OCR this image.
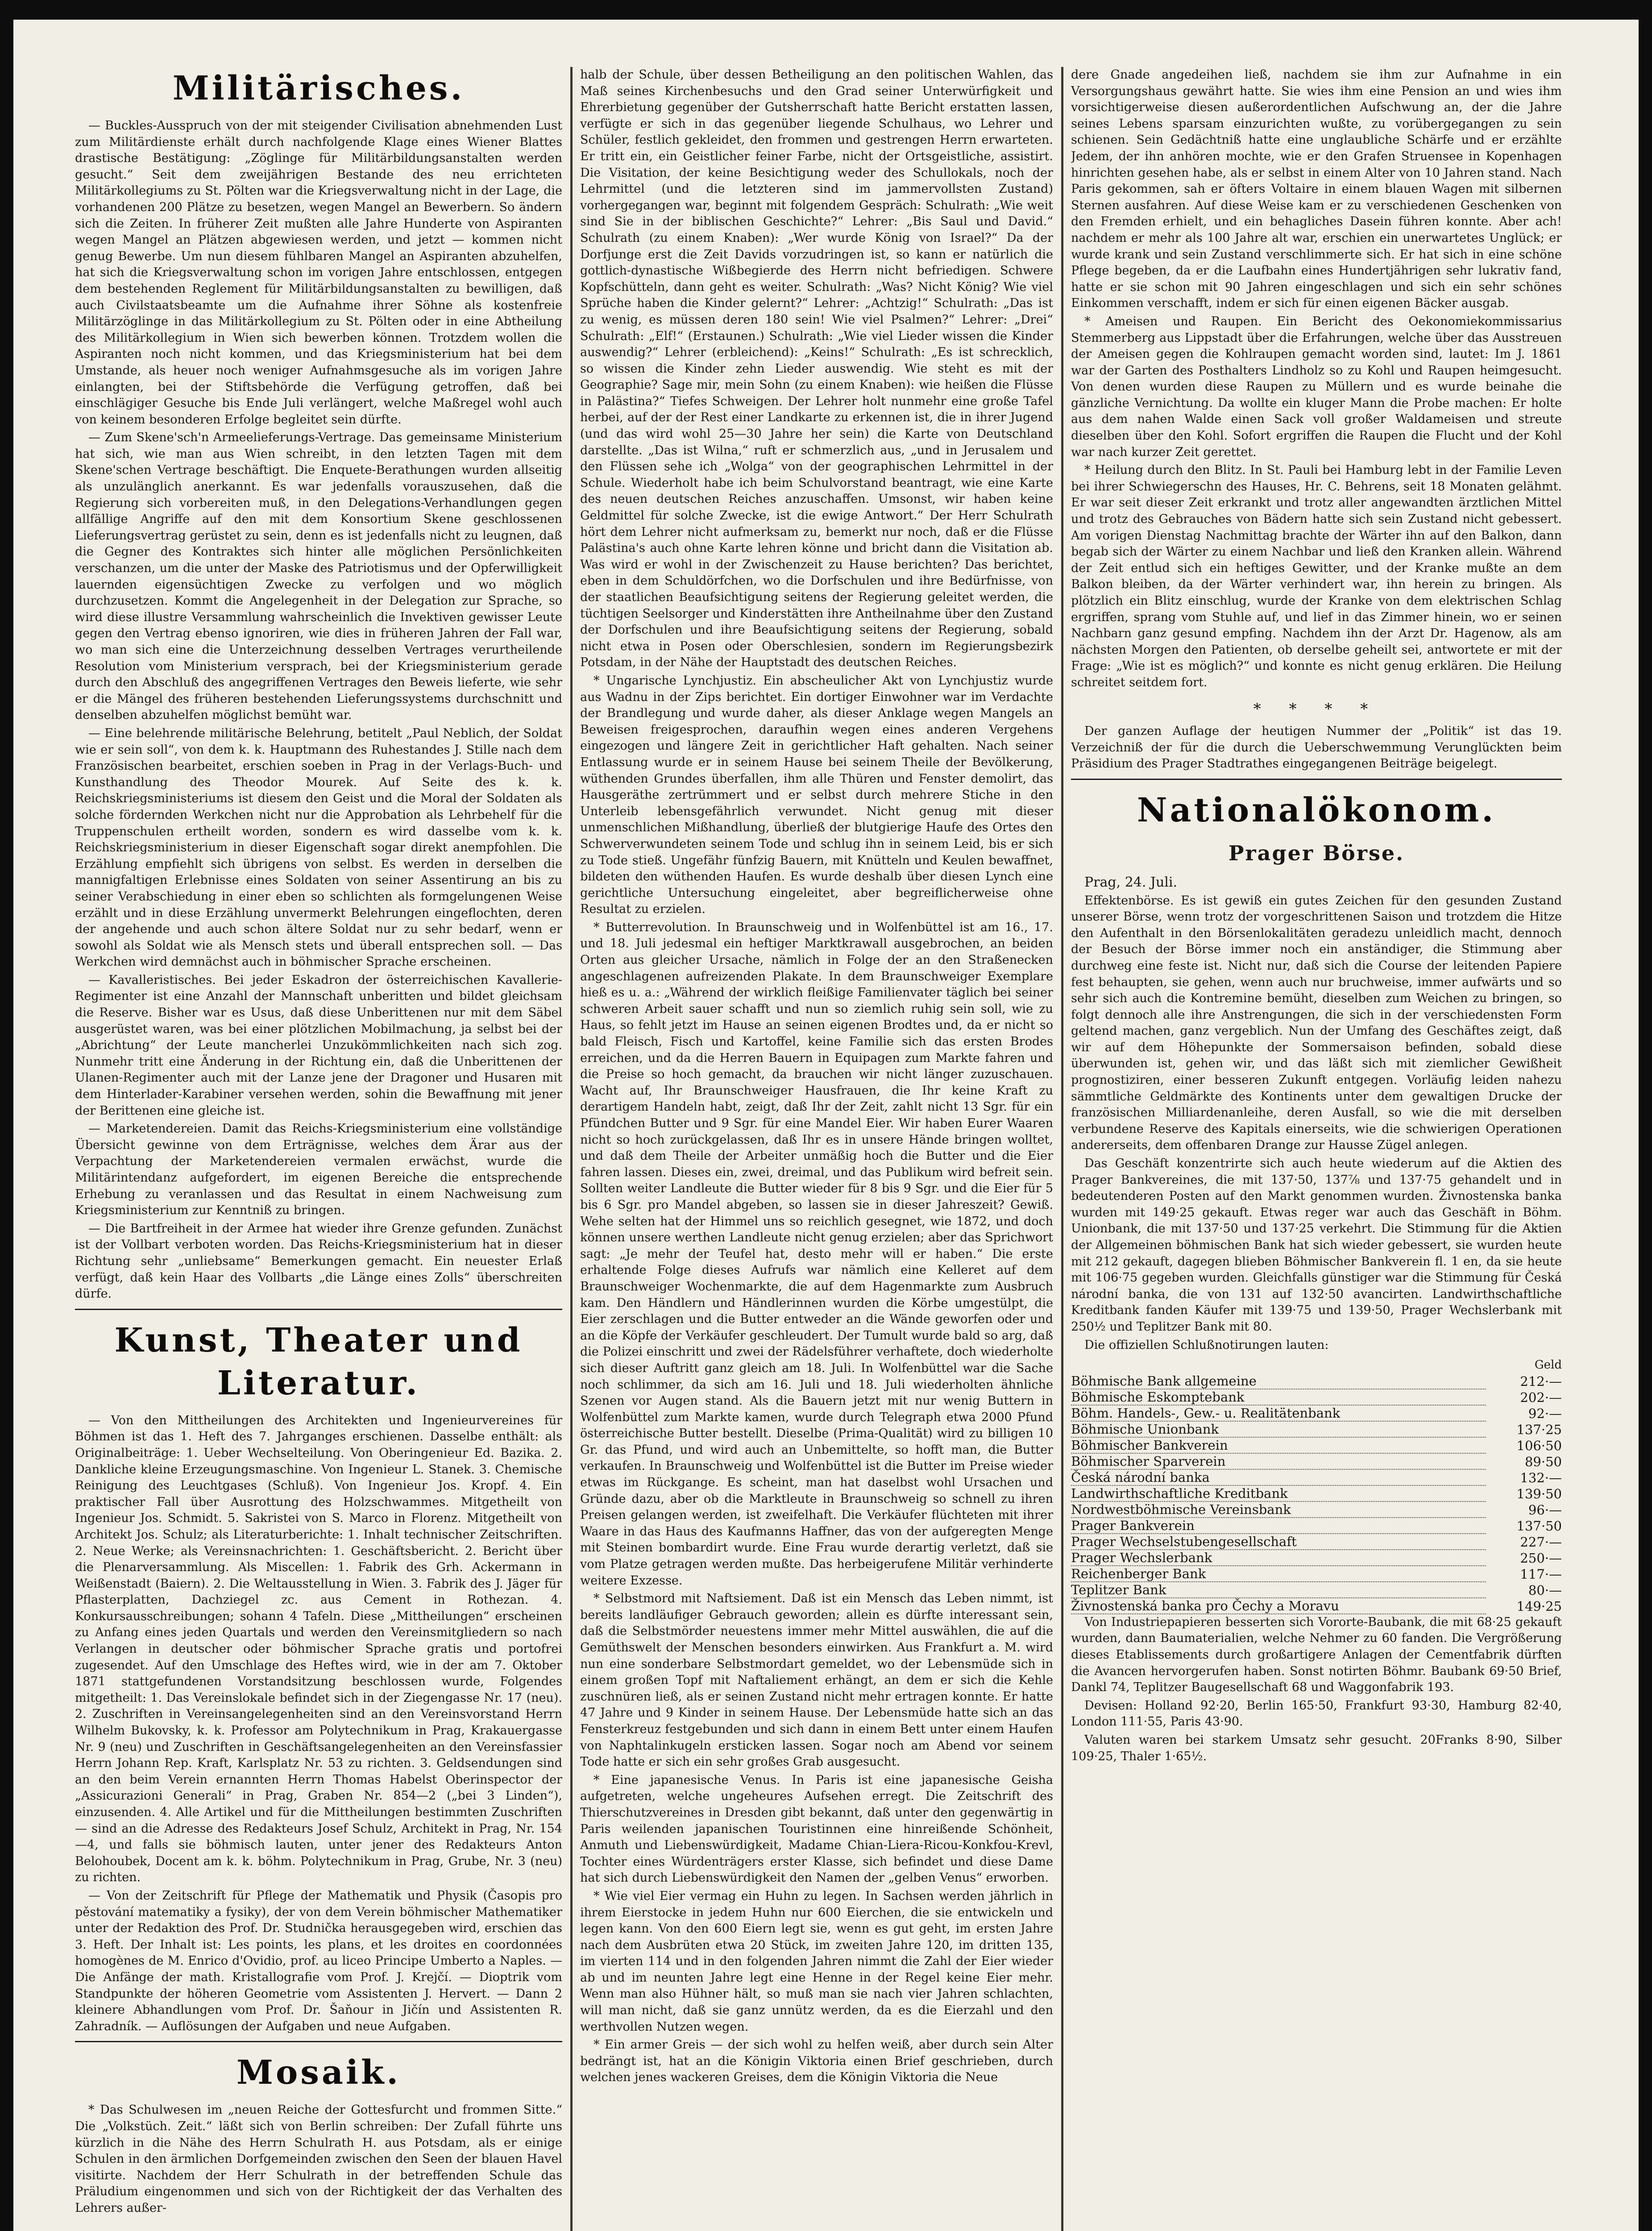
Militärisches.

— Buckles-Ausspruch von der mit steigender Civilisation abnehmenden Lust zum Militärdienste erhält durch nachfolgende Klage eines Wiener Blattes drastische Bestätigung: „Zöglinge für Militärbildungsanstalten werden gesucht.“ Seit dem zweijährigen Bestande des neu errichteten Militärkollegiums zu St. Pölten war die Kriegsverwaltung nicht in der Lage, die vorhandenen 200 Plätze zu besetzen, wegen Mangel an Bewerbern. So ändern sich die Zeiten. In früherer Zeit mußten alle Jahre Hunderte von Aspiranten wegen Mangel an Plätzen abgewiesen werden, und jetzt — kommen nicht genug Bewerbe. Um nun diesem fühlbaren Mangel an Aspiranten abzuhelfen, hat sich die Kriegsverwaltung schon im vorigen Jahre entschlossen, entgegen dem bestehenden Reglement für Militärbildungsanstalten zu bewilligen, daß auch Civilstaatsbeamte um die Aufnahme ihrer Söhne als kostenfreie Militärzöglinge in das Militärkollegium zu St. Pölten oder in eine Abtheilung des Militärkollegium in Wien sich bewerben können. Trotzdem wollen die Aspiranten noch nicht kommen, und das Kriegsministerium hat bei dem Umstande, als heuer noch weniger Aufnahmsgesuche als im vorigen Jahre einlangten, bei der Stiftsbehörde die Verfügung getroffen, daß bei einschlägiger Gesuche bis Ende Juli verlängert, welche Maßregel wohl auch von keinem besonderen Erfolge begleitet sein dürfte.

— Zum Skene'sch'n Armeelieferungs-Vertrage. Das gemeinsame Ministerium hat sich, wie man aus Wien schreibt, in den letzten Tagen mit dem Skene'schen Vertrage beschäftigt. Die Enquete-Berathungen wurden allseitig als unzulänglich anerkannt. Es war jedenfalls vorauszusehen, daß die Regierung sich vorbereiten muß, in den Delegations-Verhandlungen gegen allfällige Angriffe auf den mit dem Konsortium Skene geschlossenen Lieferungsvertrag gerüstet zu sein, denn es ist jedenfalls nicht zu leugnen, daß die Gegner des Kontraktes sich hinter alle möglichen Persönlichkeiten verschanzen, um die unter der Maske des Patriotismus und der Opferwilligkeit lauernden eigensüchtigen Zwecke zu verfolgen und wo möglich durchzusetzen. Kommt die Angelegenheit in der Delegation zur Sprache, so wird diese illustre Versammlung wahrscheinlich die Invektiven gewisser Leute gegen den Vertrag ebenso ignoriren, wie dies in früheren Jahren der Fall war, wo man sich eine die Unterzeichnung desselben Vertrages verurtheilende Resolution vom Ministerium versprach, bei der Kriegsministerium gerade durch den Abschluß des angegriffenen Vertrages den Beweis lieferte, wie sehr er die Mängel des früheren bestehenden Lieferungssystems durchschnitt und denselben abzuhelfen möglichst bemüht war.

— Eine belehrende militärische Belehrung, betitelt „Paul Neblich, der Soldat wie er sein soll“, von dem k. k. Hauptmann des Ruhestandes J. Stille nach dem Französischen bearbeitet, erschien soeben in Prag in der Verlags-Buch- und Kunsthandlung des Theodor Mourek. Auf Seite des k. k. Reichskriegsministeriums ist diesem den Geist und die Moral der Soldaten als solche fördernden Werkchen nicht nur die Approbation als Lehrbehelf für die Truppenschulen ertheilt worden, sondern es wird dasselbe vom k. k. Reichskriegsministerium in dieser Eigenschaft sogar direkt anempfohlen. Die Erzählung empfiehlt sich übrigens von selbst. Es werden in derselben die mannigfaltigen Erlebnisse eines Soldaten von seiner Assentirung an bis zu seiner Verabschiedung in einer eben so schlichten als formgelungenen Weise erzählt und in diese Erzählung unvermerkt Belehrungen eingeflochten, deren der angehende und auch schon ältere Soldat nur zu sehr bedarf, wenn er sowohl als Soldat wie als Mensch stets und überall entsprechen soll. — Das Werkchen wird demnächst auch in böhmischer Sprache erscheinen.

— Kavalleristisches. Bei jeder Eskadron der österreichischen Kavallerie-Regimenter ist eine Anzahl der Mannschaft unberitten und bildet gleichsam die Reserve. Bisher war es Usus, daß diese Unberittenen nur mit dem Säbel ausgerüstet waren, was bei einer plötzlichen Mobilmachung, ja selbst bei der „Abrichtung“ der Leute mancherlei Unzukömmlichkeiten nach sich zog. Nunmehr tritt eine Änderung in der Richtung ein, daß die Unberittenen der Ulanen-Regimenter auch mit der Lanze jene der Dragoner und Husaren mit dem Hinterlader-Karabiner versehen werden, sohin die Bewaffnung mit jener der Berittenen eine gleiche ist.

— Marketendereien. Damit das Reichs-Kriegsministerium eine vollständige Übersicht gewinne von dem Erträgnisse, welches dem Ärar aus der Verpachtung der Marketendereien vermalen erwächst, wurde die Militärintendanz aufgefordert, im eigenen Bereiche die entsprechende Erhebung zu veranlassen und das Resultat in einem Nachweisung zum Kriegsministerium zur Kenntniß zu bringen.

— Die Bartfreiheit in der Armee hat wieder ihre Grenze gefunden. Zunächst ist der Vollbart verboten worden. Das Reichs-Kriegsministerium hat in dieser Richtung sehr „unliebsame“ Bemerkungen gemacht. Ein neuester Erlaß verfügt, daß kein Haar des Vollbarts „die Länge eines Zolls“ überschreiten dürfe.

Kunst, Theater und Literatur.

— Von den Mittheilungen des Architekten und Ingenieurvereines für Böhmen ist das 1. Heft des 7. Jahrganges erschienen. Dasselbe enthält: als Originalbeiträge: 1. Ueber Wechselteilung. Von Oberingenieur Ed. Bazika. 2. Dankliche kleine Erzeugungsmaschine. Von Ingenieur L. Stanek. 3. Chemische Reinigung des Leuchtgases (Schluß). Von Ingenieur Jos. Kropf. 4. Ein praktischer Fall über Ausrottung des Holzschwammes. Mitgetheilt von Ingenieur Jos. Schmidt. 5. Sakristei von S. Marco in Florenz. Mitgetheilt von Architekt Jos. Schulz; als Literaturberichte: 1. Inhalt technischer Zeitschriften. 2. Neue Werke; als Vereinsnachrichten: 1. Geschäftsbericht. 2. Bericht über die Plenarversammlung. Als Miscellen: 1. Fabrik des Grh. Ackermann in Weißenstadt (Baiern). 2. Die Weltausstellung in Wien. 3. Fabrik des J. Jäger für Pflasterplatten, Dachziegel zc. aus Cement in Rothezan. 4. Konkursausschreibungen; sohann 4 Tafeln. Diese „Mittheilungen“ erscheinen zu Anfang eines jeden Quartals und werden den Vereinsmitgliedern so nach Verlangen in deutscher oder böhmischer Sprache gratis und portofrei zugesendet. Auf den Umschlage des Heftes wird, wie in der am 7. Oktober 1871 stattgefundenen Vorstandsitzung beschlossen wurde, Folgendes mitgetheilt: 1. Das Vereinslokale befindet sich in der Ziegengasse Nr. 17 (neu). 2. Zuschriften in Vereinsangelegenheiten sind an den Vereinsvorstand Herrn Wilhelm Bukovsky, k. k. Professor am Polytechnikum in Prag, Krakauergasse Nr. 9 (neu) und Zuschriften in Geschäftsangelegenheiten an den Vereinsfassier Herrn Johann Rep. Kraft, Karlsplatz Nr. 53 zu richten. 3. Geldsendungen sind an den beim Verein ernannten Herrn Thomas Habelst Oberinspector der „Assicurazioni Generali“ in Prag, Graben Nr. 854—2 („bei 3 Linden“), einzusenden. 4. Alle Artikel und für die Mittheilungen bestimmten Zuschriften — sind an die Adresse des Redakteurs Josef Schulz, Architekt in Prag, Nr. 154—4, und falls sie böhmisch lauten, unter jener des Redakteurs Anton Belohoubek, Docent am k. k. böhm. Polytechnikum in Prag, Grube, Nr. 3 (neu) zu richten.

— Von der Zeitschrift für Pflege der Mathematik und Physik (Časopis pro pěstování matematiky a fysiky), der von dem Verein böhmischer Mathematiker unter der Redaktion des Prof. Dr. Studnička herausgegeben wird, erschien das 3. Heft. Der Inhalt ist: Les points, les plans, et les droites en coordonnées homogènes de M. Enrico d'Ovidio, prof. au liceo Principe Umberto a Naples. — Die Anfänge der math. Kristallografie vom Prof. J. Krejčí. — Dioptrik vom Standpunkte der höheren Geometrie vom Assistenten J. Hervert. — Dann 2 kleinere Abhandlungen vom Prof. Dr. Šaňour in Jičín und Assistenten R. Zahradník. — Auflösungen der Aufgaben und neue Aufgaben.

Mosaik.

* Das Schulwesen im „neuen Reiche der Gottesfurcht und frommen Sitte.“ Die „Volkstüch. Zeit.“ läßt sich von Berlin schreiben: Der Zufall führte uns kürzlich in die Nähe des Herrn Schulrath H. aus Potsdam, als er einige Schulen in den ärmlichen Dorfgemeinden zwischen den Seen der blauen Havel visitirte. Nachdem der Herr Schulrath in der betreffenden Schule das Präludium eingenommen und sich von der Richtigkeit der das Verhalten des Lehrers außer-

halb der Schule, über dessen Betheiligung an den politischen Wahlen, das Maß seines Kirchenbesuchs und den Grad seiner Unterwürfigkeit und Ehrerbietung gegenüber der Gutsherrschaft hatte Bericht erstatten lassen, verfügte er sich in das gegenüber liegende Schulhaus, wo Lehrer und Schüler, festlich gekleidet, den frommen und gestrengen Herrn erwarteten. Er tritt ein, ein Geistlicher feiner Farbe, nicht der Ortsgeistliche, assistirt. Die Visitation, der keine Besichtigung weder des Schullokals, noch der Lehrmittel (und die letzteren sind im jammervollsten Zustand) vorhergegangen war, beginnt mit folgendem Gespräch: Schulrath: „Wie weit sind Sie in der biblischen Geschichte?“ Lehrer: „Bis Saul und David.“ Schulrath (zu einem Knaben): „Wer wurde König von Israel?“ Da der Dorfjunge erst die Zeit Davids vorzudringen ist, so kann er natürlich die gottlich-dynastische Wißbegierde des Herrn nicht befriedigen. Schwere Kopfschütteln, dann geht es weiter. Schulrath: „Was? Nicht König? Wie viel Sprüche haben die Kinder gelernt?“ Lehrer: „Achtzig!“ Schulrath: „Das ist zu wenig, es müssen deren 180 sein! Wie viel Psalmen?“ Lehrer: „Drei“ Schulrath: „Elf!“ (Erstaunen.) Schulrath: „Wie viel Lieder wissen die Kinder auswendig?“ Lehrer (erbleichend): „Keins!“ Schulrath: „Es ist schrecklich, so wissen die Kinder zehn Lieder auswendig. Wie steht es mit der Geographie? Sage mir, mein Sohn (zu einem Knaben): wie heißen die Flüsse in Palästina?“ Tiefes Schweigen. Der Lehrer holt nunmehr eine große Tafel herbei, auf der der Rest einer Landkarte zu erkennen ist, die in ihrer Jugend (und das wird wohl 25—30 Jahre her sein) die Karte von Deutschland darstellte. „Das ist Wilna,“ ruft er schmerzlich aus, „und in Jerusalem und den Flüssen sehe ich „Wolga“ von der geographischen Lehrmittel in der Schule. Wiederholt habe ich beim Schulvorstand beantragt, wie eine Karte des neuen deutschen Reiches anzuschaffen. Umsonst, wir haben keine Geldmittel für solche Zwecke, ist die ewige Antwort.“ Der Herr Schulrath hört dem Lehrer nicht aufmerksam zu, bemerkt nur noch, daß er die Flüsse Palästina's auch ohne Karte lehren könne und bricht dann die Visitation ab. Was wird er wohl in der Zwischenzeit zu Hause berichten? Das berichtet, eben in dem Schuldörfchen, wo die Dorfschulen und ihre Bedürfnisse, von der staatlichen Beaufsichtigung seitens der Regierung geleitet werden, die tüchtigen Seelsorger und Kinderstätten ihre Antheilnahme über den Zustand der Dorfschulen und ihre Beaufsichtigung seitens der Regierung, sobald nicht etwa in Posen oder Oberschlesien, sondern im Regierungsbezirk Potsdam, in der Nähe der Hauptstadt des deutschen Reiches.

* Ungarische Lynchjustiz. Ein abscheulicher Akt von Lynchjustiz wurde aus Wadnu in der Zips berichtet. Ein dortiger Einwohner war im Verdachte der Brandlegung und wurde daher, als dieser Anklage wegen Mangels an Beweisen freigesprochen, daraufhin wegen eines anderen Vergehens eingezogen und längere Zeit in gerichtlicher Haft gehalten. Nach seiner Entlassung wurde er in seinem Hause bei seinem Theile der Bevölkerung, wüthenden Grundes überfallen, ihm alle Thüren und Fenster demolirt, das Hausgeräthe zertrümmert und er selbst durch mehrere Stiche in den Unterleib lebensgefährlich verwundet. Nicht genug mit dieser unmenschlichen Mißhandlung, überließ der blutgierige Haufe des Ortes den Schwerverwundeten seinem Tode und schlug ihn in seinem Leid, bis er sich zu Tode stieß. Ungefähr fünfzig Bauern, mit Knütteln und Keulen bewaffnet, bildeten den wüthenden Haufen. Es wurde deshalb über diesen Lynch eine gerichtliche Untersuchung eingeleitet, aber begreiflicherweise ohne Resultat zu erzielen.

* Butterrevolution. In Braunschweig und in Wolfenbüttel ist am 16., 17. und 18. Juli jedesmal ein heftiger Marktkrawall ausgebrochen, an beiden Orten aus gleicher Ursache, nämlich in Folge der an den Straßenecken angeschlagenen aufreizenden Plakate. In dem Braunschweiger Exemplare hieß es u. a.: „Während der wirklich fleißige Familienvater täglich bei seiner schweren Arbeit sauer schafft und nun so ziemlich ruhig sein soll, wie zu Haus, so fehlt jetzt im Hause an seinen eigenen Brodtes und, da er nicht so bald Fleisch, Fisch und Kartoffel, keine Familie sich das ersten Brodes erreichen, und da die Herren Bauern in Equipagen zum Markte fahren und die Preise so hoch gemacht, da brauchen wir nicht länger zuzuschauen. Wacht auf, Ihr Braunschweiger Hausfrauen, die Ihr keine Kraft zu derartigem Handeln habt, zeigt, daß Ihr der Zeit, zahlt nicht 13 Sgr. für ein Pfündchen Butter und 9 Sgr. für eine Mandel Eier. Wir haben Eurer Waaren nicht so hoch zurückgelassen, daß Ihr es in unsere Hände bringen wolltet, und daß dem Theile der Arbeiter unmäßig hoch die Butter und die Eier fahren lassen. Dieses ein, zwei, dreimal, und das Publikum wird befreit sein. Sollten weiter Landleute die Butter wieder für 8 bis 9 Sgr. und die Eier für 5 bis 6 Sgr. pro Mandel abgeben, so lassen sie in dieser Jahreszeit? Gewiß. Wehe selten hat der Himmel uns so reichlich gesegnet, wie 1872, und doch können unsere werthen Landleute nicht genug erzielen; aber das Sprichwort sagt: „Je mehr der Teufel hat, desto mehr will er haben.“ Die erste erhaltende Folge dieses Aufrufs war nämlich eine Kelleret auf dem Braunschweiger Wochenmarkte, die auf dem Hagenmarkte zum Ausbruch kam. Den Händlern und Händlerinnen wurden die Körbe umgestülpt, die Eier zerschlagen und die Butter entweder an die Wände geworfen oder und an die Köpfe der Verkäufer geschleudert. Der Tumult wurde bald so arg, daß die Polizei einschritt und zwei der Rädelsführer verhaftete, doch wiederholte sich dieser Auftritt ganz gleich am 18. Juli. In Wolfenbüttel war die Sache noch schlimmer, da sich am 16. Juli und 18. Juli wiederholten ähnliche Szenen vor Augen stand. Als die Bauern jetzt mit nur wenig Buttern in Wolfenbüttel zum Markte kamen, wurde durch Telegraph etwa 2000 Pfund österreichische Butter bestellt. Dieselbe (Prima-Qualität) wird zu billigen 10 Gr. das Pfund, und wird auch an Unbemittelte, so hofft man, die Butter verkaufen. In Braunschweig und Wolfenbüttel ist die Butter im Preise wieder etwas im Rückgange. Es scheint, man hat daselbst wohl Ursachen und Gründe dazu, aber ob die Marktleute in Braunschweig so schnell zu ihren Preisen gelangen werden, ist zweifelhaft. Die Verkäufer flüchteten mit ihrer Waare in das Haus des Kaufmanns Haffner, das von der aufgeregten Menge mit Steinen bombardirt wurde. Eine Frau wurde derartig verletzt, daß sie vom Platze getragen werden mußte. Das herbeigerufene Militär verhinderte weitere Exzesse.

* Selbstmord mit Naftsiement. Daß ist ein Mensch das Leben nimmt, ist bereits landläufiger Gebrauch geworden; allein es dürfte interessant sein, daß die Selbstmörder neuestens immer mehr Mittel auswählen, die auf die Gemüthswelt der Menschen besonders einwirken. Aus Frankfurt a. M. wird nun eine sonderbare Selbstmordart gemeldet, wo der Lebensmüde sich in einem großen Topf mit Naftaliement erhängt, an dem er sich die Kehle zuschnüren ließ, als er seinen Zustand nicht mehr ertragen konnte. Er hatte 47 Jahre und 9 Kinder in seinem Hause. Der Lebensmüde hatte sich an das Fensterkreuz festgebunden und sich dann in einem Bett unter einem Haufen von Naphtalinkugeln ersticken lassen. Sogar noch am Abend vor seinem Tode hatte er sich ein sehr großes Grab ausgesucht.

* Eine japanesische Venus. In Paris ist eine japanesische Geisha aufgetreten, welche ungeheures Aufsehen erregt. Die Zeitschrift des Thierschutzvereines in Dresden gibt bekannt, daß unter den gegenwärtig in Paris weilenden japanischen Touristinnen eine hinreißende Schönheit, Anmuth und Liebenswürdigkeit, Madame Chian-Liera-Ricou-Konkfou-Krevl, Tochter eines Würdenträgers erster Klasse, sich befindet und diese Dame hat sich durch Liebenswürdigkeit den Namen der „gelben Venus“ erworben.

* Wie viel Eier vermag ein Huhn zu legen. In Sachsen werden jährlich in ihrem Eierstocke in jedem Huhn nur 600 Eierchen, die sie entwickeln und legen kann. Von den 600 Eiern legt sie, wenn es gut geht, im ersten Jahre nach dem Ausbrüten etwa 20 Stück, im zweiten Jahre 120, im dritten 135, im vierten 114 und in den folgenden Jahren nimmt die Zahl der Eier wieder ab und im neunten Jahre legt eine Henne in der Regel keine Eier mehr. Wenn man also Hühner hält, so muß man sie nach vier Jahren schlachten, will man nicht, daß sie ganz unnütz werden, da es die Eierzahl und den werthvollen Nutzen wegen.

* Ein armer Greis — der sich wohl zu helfen weiß, aber durch sein Alter bedrängt ist, hat an die Königin Viktoria einen Brief geschrieben, durch welchen jenes wackeren Greises, dem die Königin Viktoria die Neue

dere Gnade angedeihen ließ, nachdem sie ihm zur Aufnahme in ein Versorgungshaus gewährt hatte. Sie wies ihm eine Pension an und wies ihm vorsichtigerweise diesen außerordentlichen Aufschwung an, der die Jahre seines Lebens sparsam einzurichten wußte, zu vorübergegangen zu sein schienen. Sein Gedächtniß hatte eine unglaubliche Schärfe und er erzählte Jedem, der ihn anhören mochte, wie er den Grafen Struensee in Kopenhagen hinrichten gesehen habe, als er selbst in einem Alter von 10 Jahren stand. Nach Paris gekommen, sah er öfters Voltaire in einem blauen Wagen mit silbernen Sternen ausfahren. Auf diese Weise kam er zu verschiedenen Geschenken von den Fremden erhielt, und ein behagliches Dasein führen konnte. Aber ach! nachdem er mehr als 100 Jahre alt war, erschien ein unerwartetes Unglück; er wurde krank und sein Zustand verschlimmerte sich. Er hat sich in eine schöne Pflege begeben, da er die Laufbahn eines Hundertjährigen sehr lukrativ fand, hatte er sie schon mit 90 Jahren eingeschlagen und sich ein sehr schönes Einkommen verschafft, indem er sich für einen eigenen Bäcker ausgab.

* Ameisen und Raupen. Ein Bericht des Oekonomiekommissarius Stemmerberg aus Lippstadt über die Erfahrungen, welche über das Ausstreuen der Ameisen gegen die Kohlraupen gemacht worden sind, lautet: Im J. 1861 war der Garten des Posthalters Lindholz so zu Kohl und Raupen heimgesucht. Von denen wurden diese Raupen zu Müllern und es wurde beinahe die gänzliche Vernichtung. Da wollte ein kluger Mann die Probe machen: Er holte aus dem nahen Walde einen Sack voll großer Waldameisen und streute dieselben über den Kohl. Sofort ergriffen die Raupen die Flucht und der Kohl war nach kurzer Zeit gerettet.

* Heilung durch den Blitz. In St. Pauli bei Hamburg lebt in der Familie Leven bei ihrer Schwiegerschn des Hauses, Hr. C. Behrens, seit 18 Monaten gelähmt. Er war seit dieser Zeit erkrankt und trotz aller angewandten ärztlichen Mittel und trotz des Gebrauches von Bädern hatte sich sein Zustand nicht gebessert. Am vorigen Dienstag Nachmittag brachte der Wärter ihn auf den Balkon, dann begab sich der Wärter zu einem Nachbar und ließ den Kranken allein. Während der Zeit entlud sich ein heftiges Gewitter, und der Kranke mußte an dem Balkon bleiben, da der Wärter verhindert war, ihn herein zu bringen. Als plötzlich ein Blitz einschlug, wurde der Kranke von dem elektrischen Schlag ergriffen, sprang vom Stuhle auf, und lief in das Zimmer hinein, wo er seinen Nachbarn ganz gesund empfing. Nachdem ihn der Arzt Dr. Hagenow, als am nächsten Morgen den Patienten, ob derselbe geheilt sei, antwortete er mit der Frage: „Wie ist es möglich?“ und konnte es nicht genug erklären. Die Heilung schreitet seitdem fort.

* * * *

Der ganzen Auflage der heutigen Nummer der „Politik“ ist das 19. Verzeichniß der für die durch die Ueberschwemmung Verunglückten beim Präsidium des Prager Stadtrathes eingegangenen Beiträge beigelegt.

Nationalökonom.
Prager Börse.

Prag, 24. Juli.

Effektenbörse. Es ist gewiß ein gutes Zeichen für den gesunden Zustand unserer Börse, wenn trotz der vorgeschrittenen Saison und trotzdem die Hitze den Aufenthalt in den Börsenlokalitäten geradezu unleidlich macht, dennoch der Besuch der Börse immer noch ein anständiger, die Stimmung aber durchweg eine feste ist. Nicht nur, daß sich die Course der leitenden Papiere fest behaupten, sie gehen, wenn auch nur bruchweise, immer aufwärts und so sehr sich auch die Kontremine bemüht, dieselben zum Weichen zu bringen, so folgt dennoch alle ihre Anstrengungen, die sich in der verschiedensten Form geltend machen, ganz vergeblich. Nun der Umfang des Geschäftes zeigt, daß wir auf dem Höhepunkte der Sommersaison befinden, sobald diese überwunden ist, gehen wir, und das läßt sich mit ziemlicher Gewißheit prognostiziren, einer besseren Zukunft entgegen. Vorläufig leiden nahezu sämmtliche Geldmärkte des Kontinents unter dem gewaltigen Drucke der französischen Milliardenanleihe, deren Ausfall, so wie die mit derselben verbundene Reserve des Kapitals einerseits, wie die schwierigen Operationen andererseits, dem offenbaren Drange zur Hausse Zügel anlegen.

Das Geschäft konzentrirte sich auch heute wiederum auf die Aktien des Prager Bankvereines, die mit 137·50, 137⅞ und 137·75 gehandelt und in bedeutenderen Posten auf den Markt genommen wurden. Živnostenska banka wurden mit 149·25 gekauft. Etwas reger war auch das Geschäft in Böhm. Unionbank, die mit 137·50 und 137·25 verkehrt. Die Stimmung für die Aktien der Allgemeinen böhmischen Bank hat sich wieder gebessert, sie wurden heute mit 212 gekauft, dagegen blieben Böhmischer Bankverein fl. 1 en, da sie heute mit 106·75 gegeben wurden. Gleichfalls günstiger war die Stimmung für Česká národní banka, die von 131 auf 132·50 avancirten. Landwirthschaftliche Kreditbank fanden Käufer mit 139·75 und 139·50, Prager Wechslerbank mit 250½ und Teplitzer Bank mit 80.

Die offiziellen Schlußnotirungen lauten:

Geld
Böhmische Bank allgemeine	212·—
Böhmische Eskomptebank	202·—
Böhm. Handels-, Gew.- u. Realitätenbank	92·—
Böhmische Unionbank	137·25
Böhmischer Bankverein	106·50
Böhmischer Sparverein	89·50
Česká národní banka	132·—
Landwirthschaftliche Kreditbank	139·50
Nordwestböhmische Vereinsbank	96·—
Prager Bankverein	137·50
Prager Wechselstubengesellschaft	227·—
Prager Wechslerbank	250·—
Reichenberger Bank	117·—
Teplitzer Bank	80·—
Živnostenská banka pro Čechy a Moravu	149·25

Von Industriepapieren besserten sich Vororte-Baubank, die mit 68·25 gekauft wurden, dann Baumaterialien, welche Nehmer zu 60 fanden. Die Vergrößerung dieses Etablissements durch großartigere Anlagen der Cementfabrik dürften die Avancen hervorgerufen haben. Sonst notirten Böhmr. Baubank 69·50 Brief, Dankl 74, Teplitzer Baugesellschaft 68 und Waggonfabrik 193.

Devisen: Holland 92·20, Berlin 165·50, Frankfurt 93·30, Hamburg 82·40, London 111·55, Paris 43·90.

Valuten waren bei starkem Umsatz sehr gesucht. 20Franks 8·90, Silber 109·25, Thaler 1·65½.
